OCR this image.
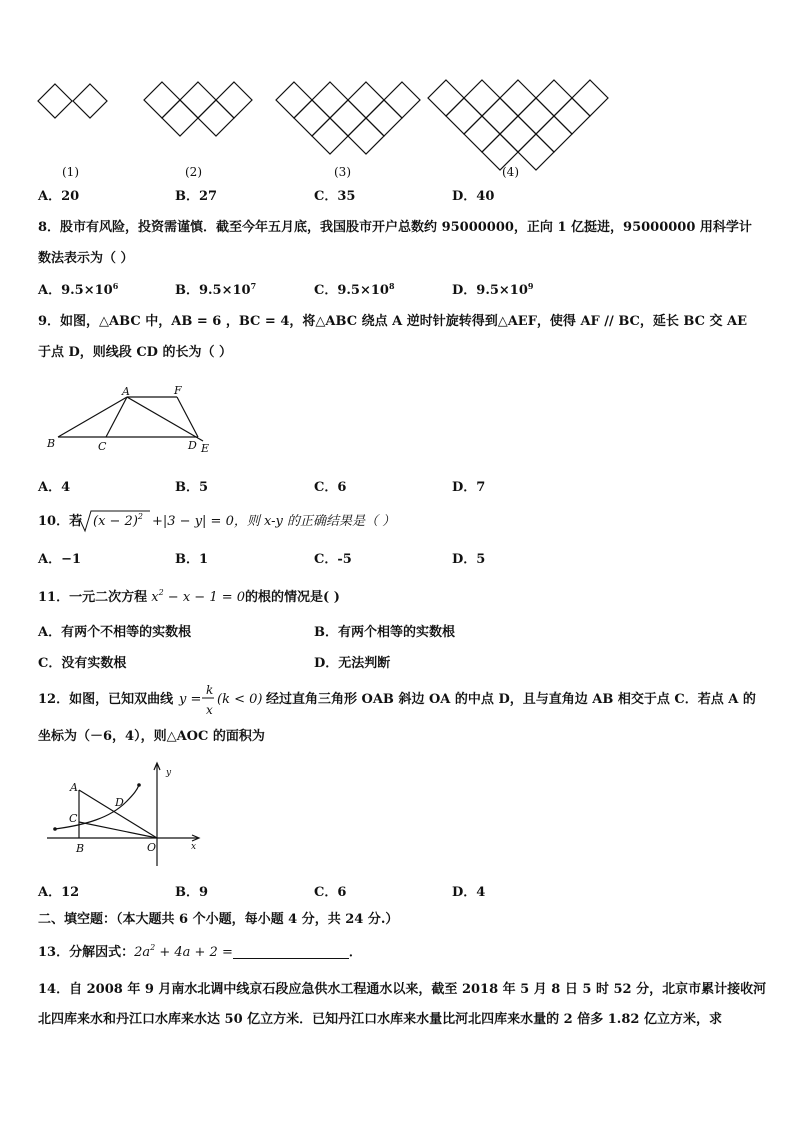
(1)	(2)	(3)	(4)
A．20	B．27	C．35	D．40
8．股市有风险，投资需谨慎．截至今年五月底，我国股市开户总数约 95000000，正向 1 亿挺进，95000000 用科学计
数法表示为（ ）
A．$9.5\times 10^6$	B．$9.5\times 10^7$	C．$9.5\times 10^8$	D．$9.5\times 10^9$
9．如图，△ABC 中，AB = 6 ，BC = 4，将△ABC 绕点 A 逆时针旋转得到△AEF，使得 AF // BC，延长 BC 交 AE
于点 D，则线段 CD 的长为（ ）
A	F
B	C	D E
A．4	B．5	C．6	D．7
10．若 $(x - 2)^2 +|3 - y| = 0$，则 x-y 的正确结果是（ ）
A．−1	B．1	C．-5	D．5
11．一元二次方程 $x^2 - x - 1 = 0$的根的情况是( )
A．有两个不相等的实数根	B．有两个相等的实数根
C．没有实数根	D．无法判断
12．如图，已知双曲线 y =
k
x
(k < 0) 经过直角三角形 OAB 斜边 OA 的中点 D，且与直角边 AB 相交于点 C．若点 A 的
坐标为（－6，4），则△AOC 的面积为
A
D
C
B	O	x
y
A．12	B．9	C．6	D．4
二、填空题：（本大题共 6 个小题，每小题 4 分，共 24 分.）
13．分解因式：$2a^2 + 4a + 2$ =	．
14．自 2008 年 9 月南水北调中线京石段应急供水工程通水以来，截至 2018 年 5 月 8 日 5 时 52 分，北京市累计接收河
北四库来水和丹江口水库来水达 50 亿立方米．已知丹江口水库来水量比河北四库来水量的 2 倍多 1.82 亿立方米，求
